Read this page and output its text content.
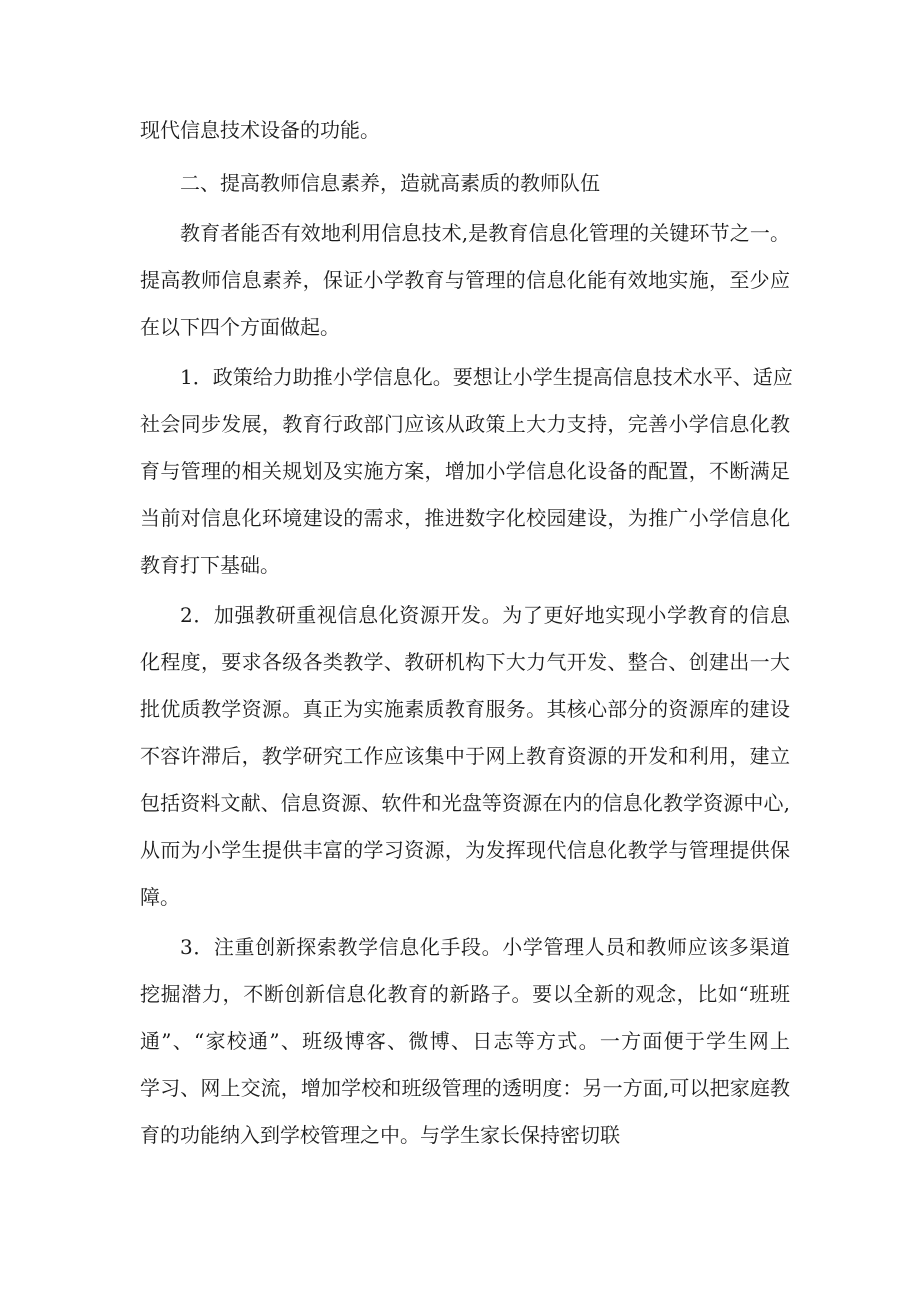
现代信息技术设备的功能。

二、提高教师信息素养，造就高素质的教师队伍

教育者能否有效地利用信息技术,是教育信息化管理的关键环节之一。

提高教师信息素养，保证小学教育与管理的信息化能有效地实施，至少应

在以下四个方面做起。

1．政策给力助推小学信息化。要想让小学生提高信息技术水平、适应

社会同步发展，教育行政部门应该从政策上大力支持，完善小学信息化教

育与管理的相关规划及实施方案，增加小学信息化设备的配置，不断满足

当前对信息化环境建设的需求，推进数字化校园建设，为推广小学信息化

教育打下基础。

2．加强教研重视信息化资源开发。为了更好地实现小学教育的信息

化程度，要求各级各类教学、教研机构下大力气开发、整合、创建出一大

批优质教学资源。真正为实施素质教育服务。其核心部分的资源库的建设

不容许滞后，教学研究工作应该集中于网上教育资源的开发和利用，建立

包括资料文献、信息资源、软件和光盘等资源在内的信息化教学资源中心,

从而为小学生提供丰富的学习资源，为发挥现代信息化教学与管理提供保

障。

3．注重创新探索教学信息化手段。小学管理人员和教师应该多渠道

挖掘潜力，不断创新信息化教育的新路子。要以全新的观念，比如“班班

通”、“家校通”、班级博客、微博、日志等方式。一方面便于学生网上

学习、网上交流，增加学校和班级管理的透明度：另一方面,可以把家庭教

育的功能纳入到学校管理之中。与学生家长保持密切联
